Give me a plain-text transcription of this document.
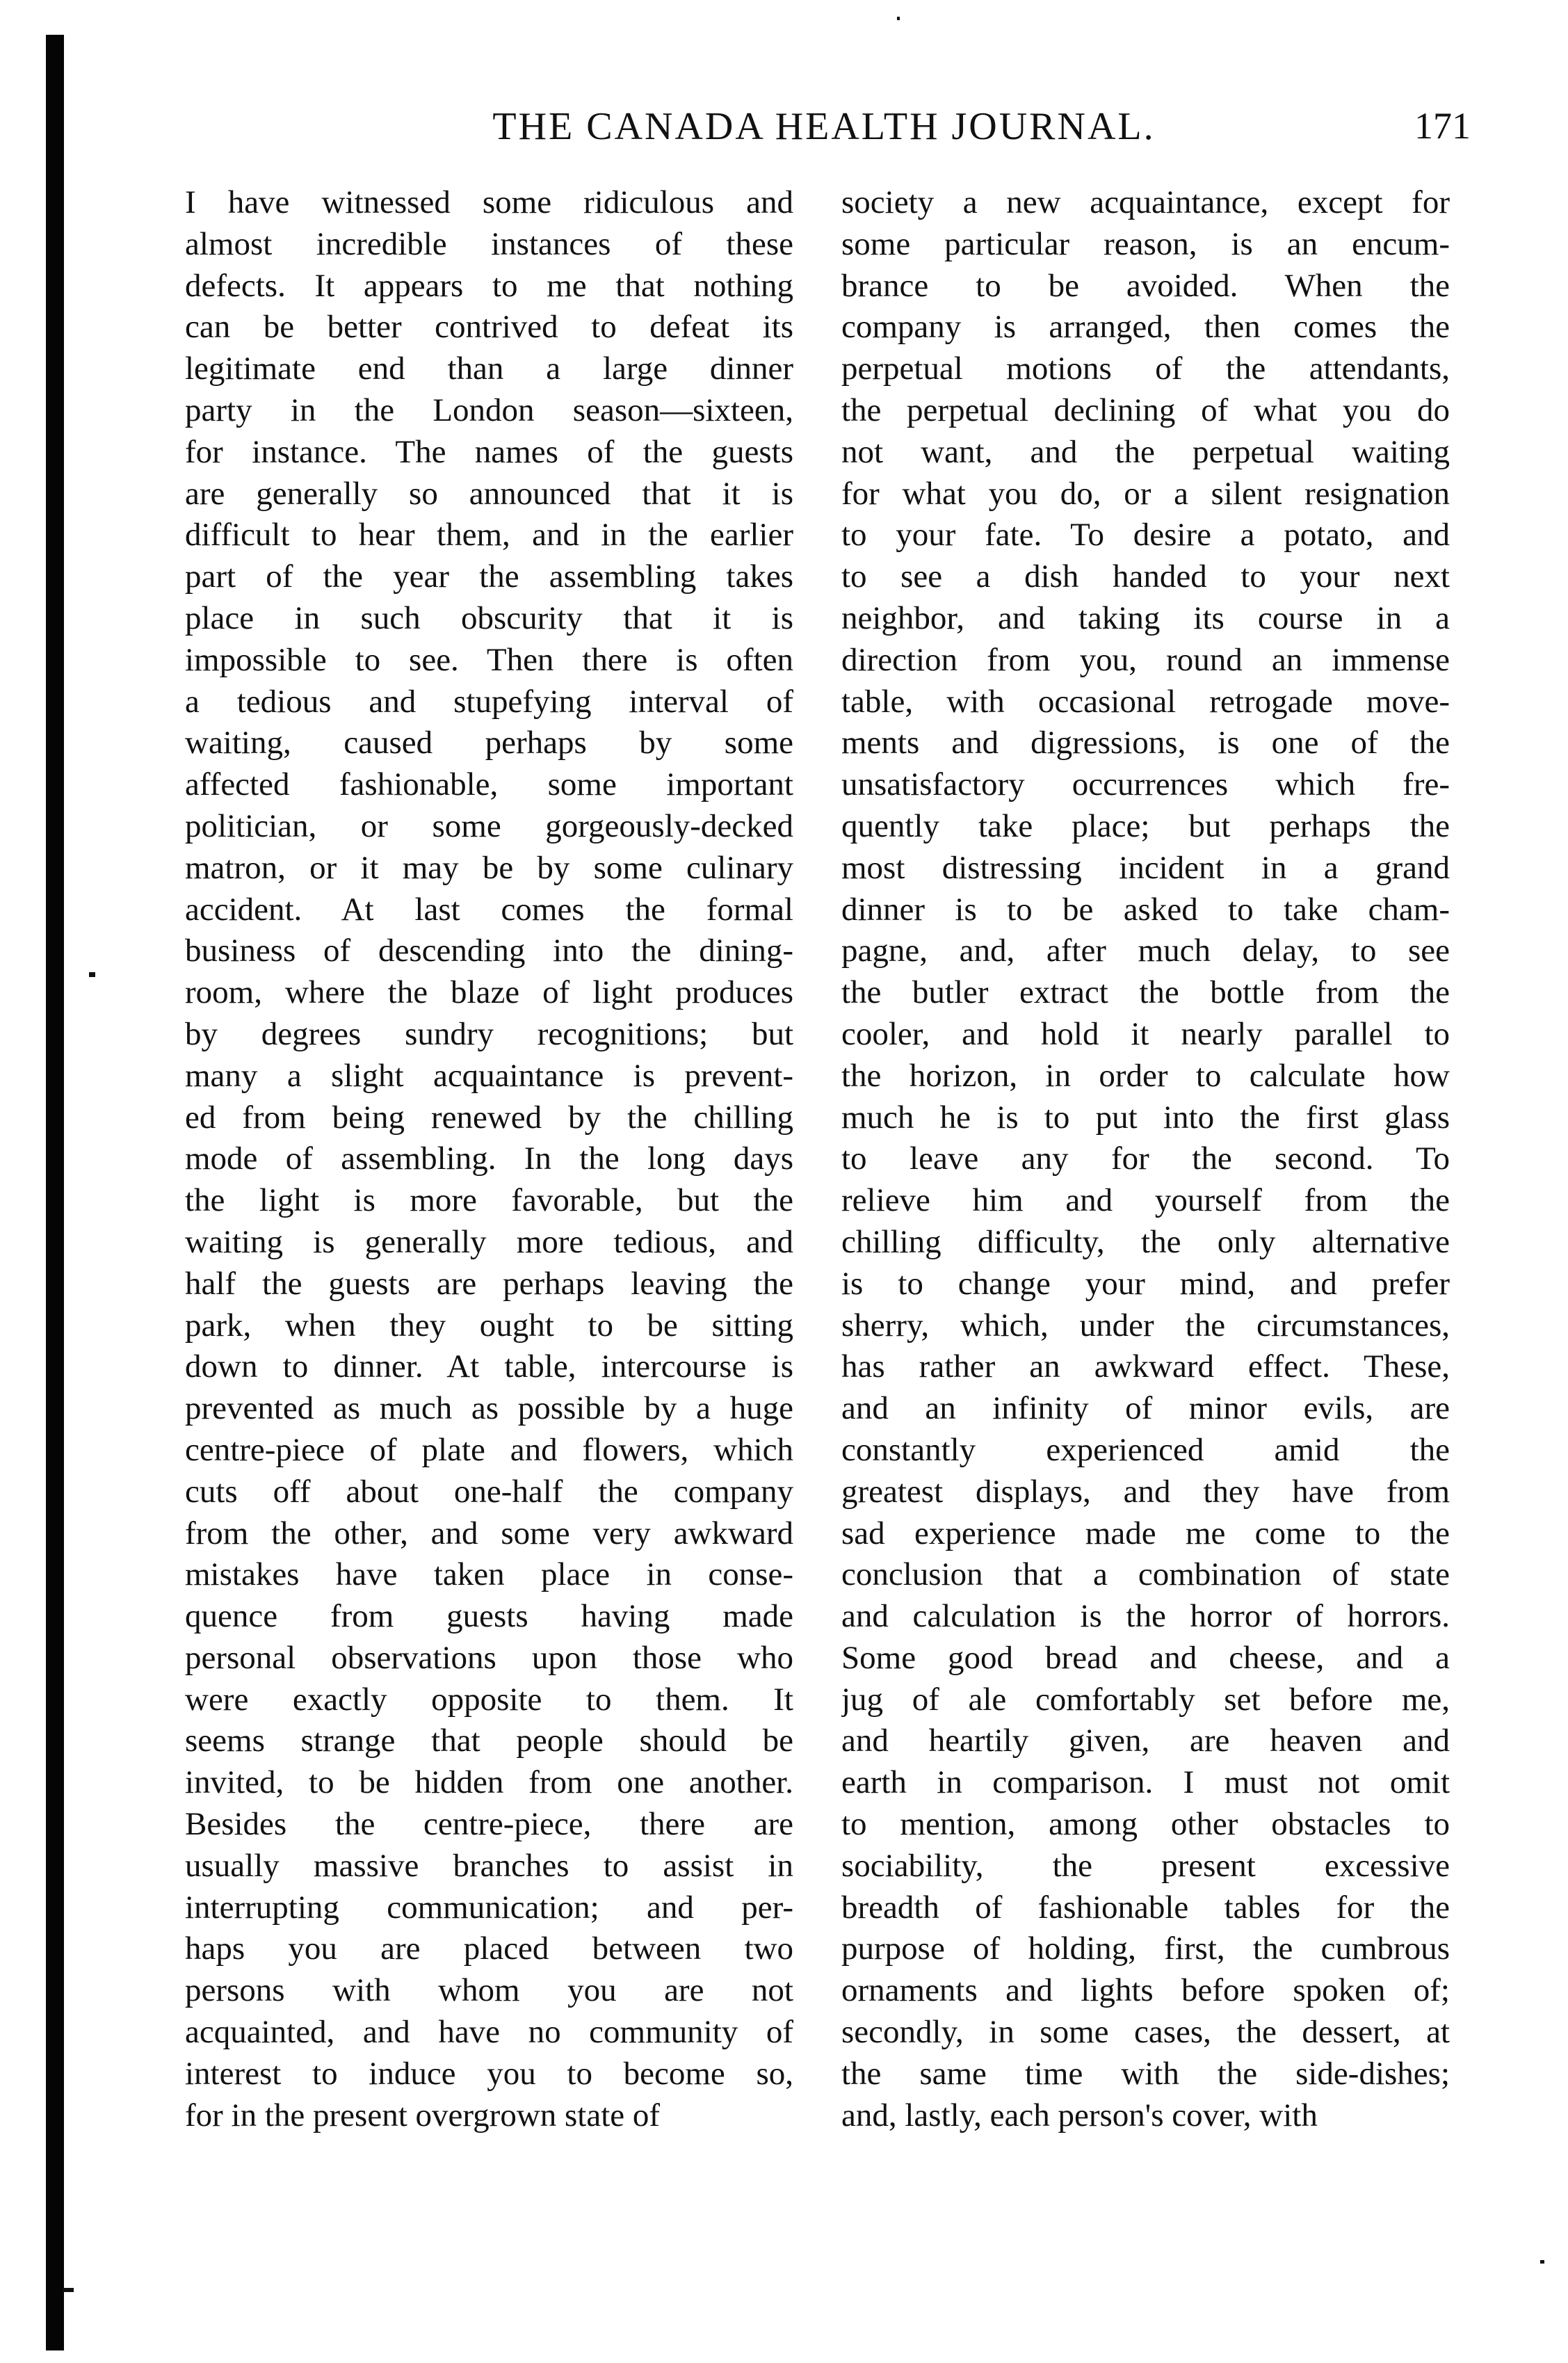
THE CANADA HEALTH JOURNAL.	171
I have witnessed some ridiculous and
almost incredible instances of these
defects. It appears to me that nothing
can be better contrived to defeat its
legitimate end than a large dinner
party in the London season—sixteen,
for instance. The names of the guests
are generally so announced that it is
difficult to hear them, and in the earlier
part of the year the assembling takes
place in such obscurity that it is
impossible to see. Then there is often
a tedious and stupefying interval of
waiting, caused perhaps by some
affected fashionable, some important
politician, or some gorgeously-decked
matron, or it may be by some culinary
accident. At last comes the formal
business of descending into the dining-
room, where the blaze of light produces
by degrees sundry recognitions; but
many a slight acquaintance is prevent-
ed from being renewed by the chilling
mode of assembling. In the long days
the light is more favorable, but the
waiting is generally more tedious, and
half the guests are perhaps leaving the
park, when they ought to be sitting
down to dinner. At table, intercourse is
prevented as much as possible by a huge
centre-piece of plate and flowers, which
cuts off about one-half the company
from the other, and some very awkward
mistakes have taken place in conse-
quence from guests having made
personal observations upon those who
were exactly opposite to them. It
seems strange that people should be
invited, to be hidden from one another.
Besides the centre-piece, there are
usually massive branches to assist in
interrupting communication; and per-
haps you are placed between two
persons with whom you are not
acquainted, and have no community of
interest to induce you to become so,
for in the present overgrown state of
society a new acquaintance, except for
some particular reason, is an encum-
brance to be avoided. When the
company is arranged, then comes the
perpetual motions of the attendants,
the perpetual declining of what you do
not want, and the perpetual waiting
for what you do, or a silent resignation
to your fate. To desire a potato, and
to see a dish handed to your next
neighbor, and taking its course in a
direction from you, round an immense
table, with occasional retrogade move-
ments and digressions, is one of the
unsatisfactory occurrences which fre-
quently take place; but perhaps the
most distressing incident in a grand
dinner is to be asked to take cham-
pagne, and, after much delay, to see
the butler extract the bottle from the
cooler, and hold it nearly parallel to
the horizon, in order to calculate how
much he is to put into the first glass
to leave any for the second. To
relieve him and yourself from the
chilling difficulty, the only alternative
is to change your mind, and prefer
sherry, which, under the circumstances,
has rather an awkward effect. These,
and an infinity of minor evils, are
constantly experienced amid the
greatest displays, and they have from
sad experience made me come to the
conclusion that a combination of state
and calculation is the horror of horrors.
Some good bread and cheese, and a
jug of ale comfortably set before me,
and heartily given, are heaven and
earth in comparison. I must not omit
to mention, among other obstacles to
sociability, the present excessive
breadth of fashionable tables for the
purpose of holding, first, the cumbrous
ornaments and lights before spoken of;
secondly, in some cases, the dessert, at
the same time with the side-dishes;
and, lastly, each person's cover, with
